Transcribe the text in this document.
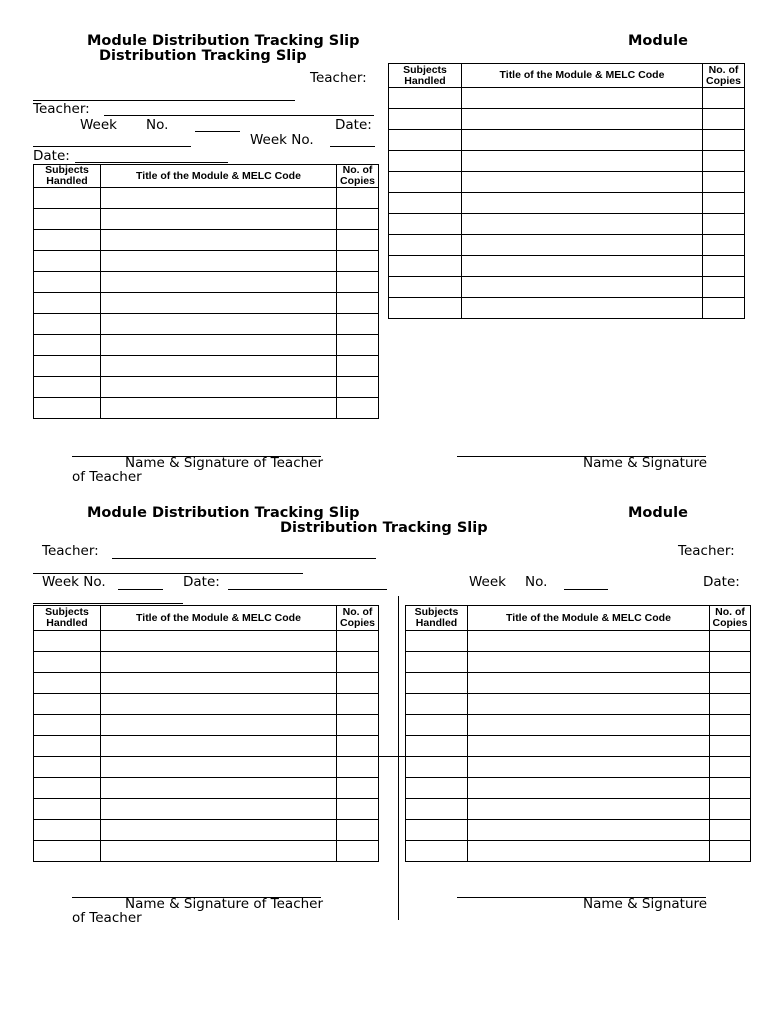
Module Distribution Tracking Slip	Module
Distribution Tracking Slip
Teacher:
Teacher:
Week No.	Date:
Week No.
Date:
Subjects Handled	Title of the Module & MELC Code	No. of Copies

Subjects Handled	Title of the Module & MELC Code	No. of Copies

Name & Signature of Teacher
of Teacher
Name & Signature
Module Distribution Tracking Slip	Module
Distribution Tracking Slip
Teacher:	Teacher:
Week No.	Date:	Week No.	Date:
Subjects Handled	Title of the Module & MELC Code	No. of Copies

Subjects Handled	Title of the Module & MELC Code	No. of Copies

Name & Signature of Teacher
of Teacher
Name & Signature
